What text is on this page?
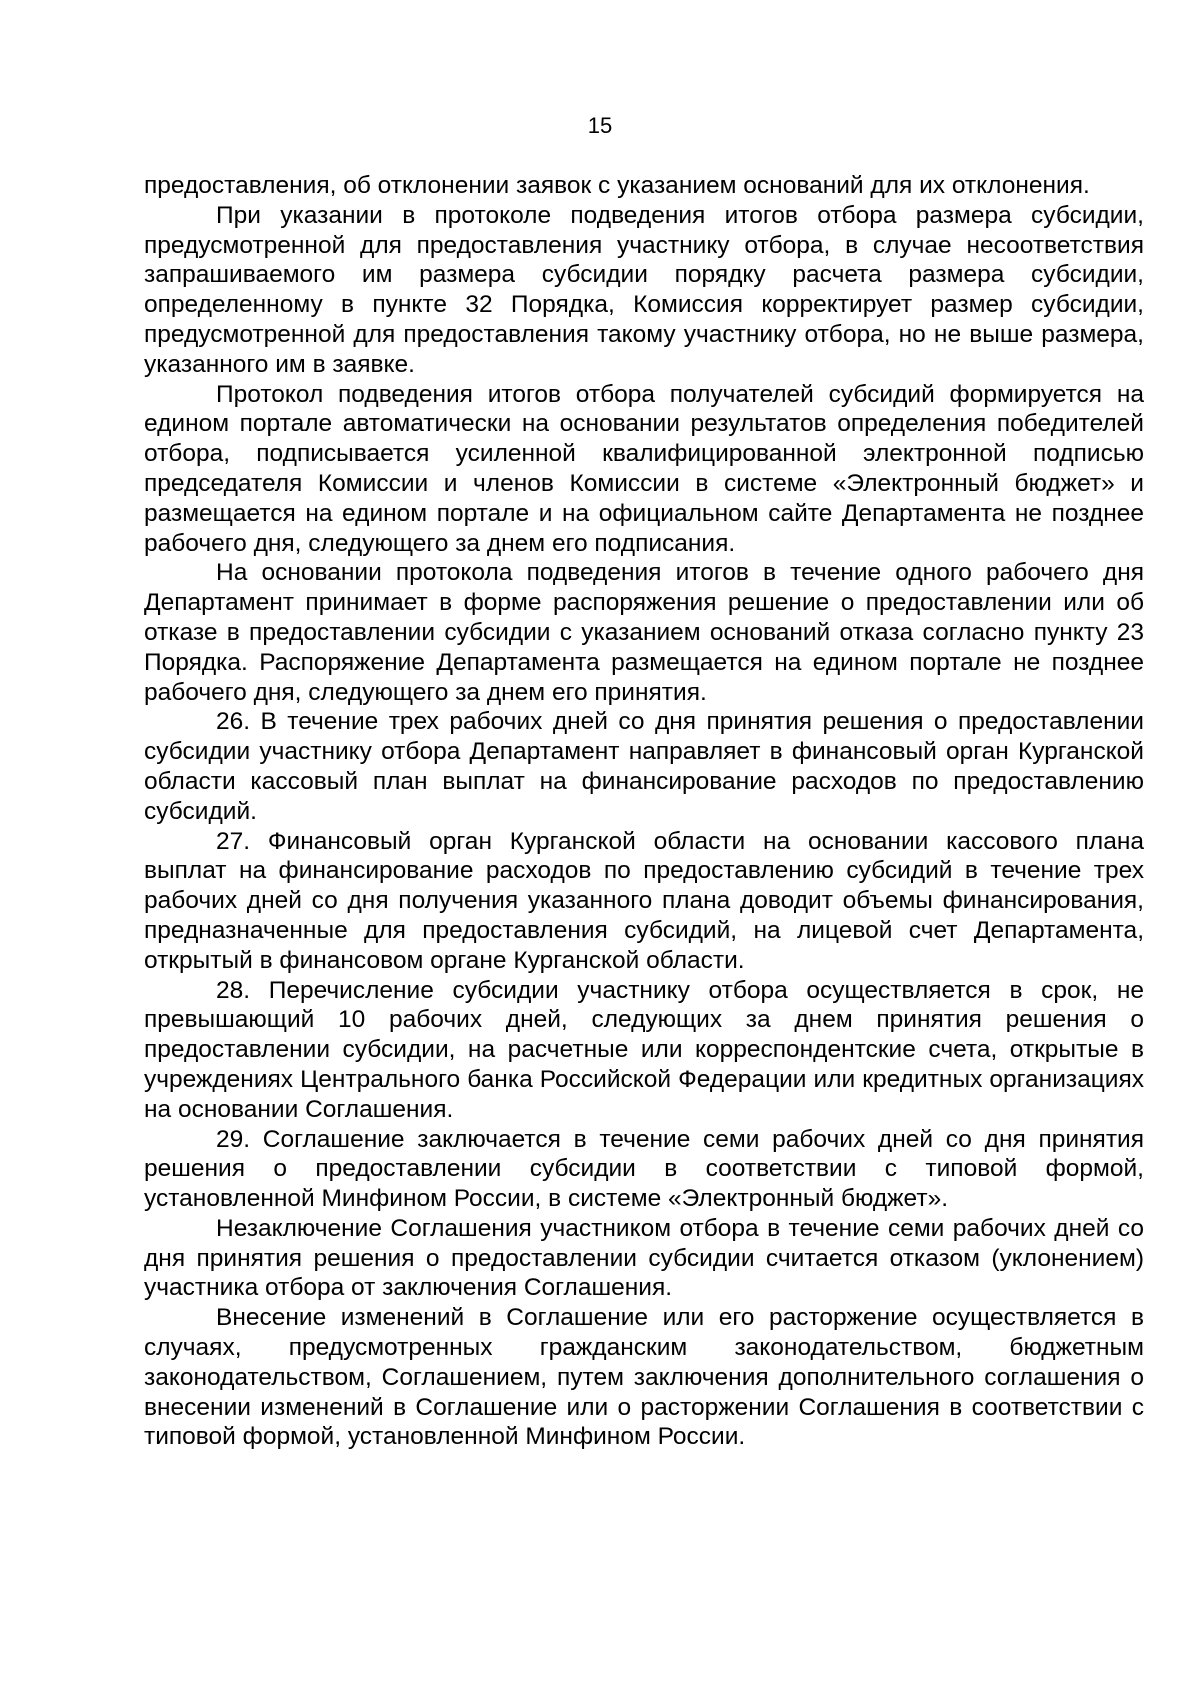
15

предоставления, об отклонении заявок с указанием оснований для их отклонения.

При указании в протоколе подведения итогов отбора размера субсидии, предусмотренной для предоставления участнику отбора, в случае несоответствия запрашиваемого им размера субсидии порядку расчета размера субсидии, определенному в пункте 32 Порядка, Комиссия корректирует размер субсидии, предусмотренной для предоставления такому участнику отбора, но не выше размера, указанного им в заявке.

Протокол подведения итогов отбора получателей субсидий формируется на едином портале автоматически на основании результатов определения победителей отбора, подписывается усиленной квалифицированной электронной подписью председателя Комиссии и членов Комиссии в системе «Электронный бюджет» и размещается на едином портале и на официальном сайте Департамента не позднее рабочего дня, следующего за днем его подписания.

На основании протокола подведения итогов в течение одного рабочего дня Департамент принимает в форме распоряжения решение о предоставлении или об отказе в предоставлении субсидии с указанием оснований отказа согласно пункту 23 Порядка. Распоряжение Департамента размещается на едином портале не позднее рабочего дня, следующего за днем его принятия.

26. В течение трех рабочих дней со дня принятия решения о предоставлении субсидии участнику отбора Департамент направляет в финансовый орган Курганской области кассовый план выплат на финансирование расходов по предоставлению субсидий.

27. Финансовый орган Курганской области на основании кассового плана выплат на финансирование расходов по предоставлению субсидий в течение трех рабочих дней со дня получения указанного плана доводит объемы финансирования, предназначенные для предоставления субсидий, на лицевой счет Департамента, открытый в финансовом органе Курганской области.

28. Перечисление субсидии участнику отбора осуществляется в срок, не превышающий 10 рабочих дней, следующих за днем принятия решения о предоставлении субсидии, на расчетные или корреспондентские счета, открытые в учреждениях Центрального банка Российской Федерации или кредитных организациях на основании Соглашения.

29. Соглашение заключается в течение семи рабочих дней со дня принятия решения о предоставлении субсидии в соответствии с типовой формой, установленной Минфином России, в системе «Электронный бюджет».

Незаключение Соглашения участником отбора в течение семи рабочих дней со дня принятия решения о предоставлении субсидии считается отказом (уклонением) участника отбора от заключения Соглашения.

Внесение изменений в Соглашение или его расторжение осуществляется в случаях, предусмотренных гражданским законодательством, бюджетным законодательством, Соглашением, путем заключения дополнительного соглашения о внесении изменений в Соглашение или о расторжении Соглашения в соответствии с типовой формой, установленной Минфином России.
